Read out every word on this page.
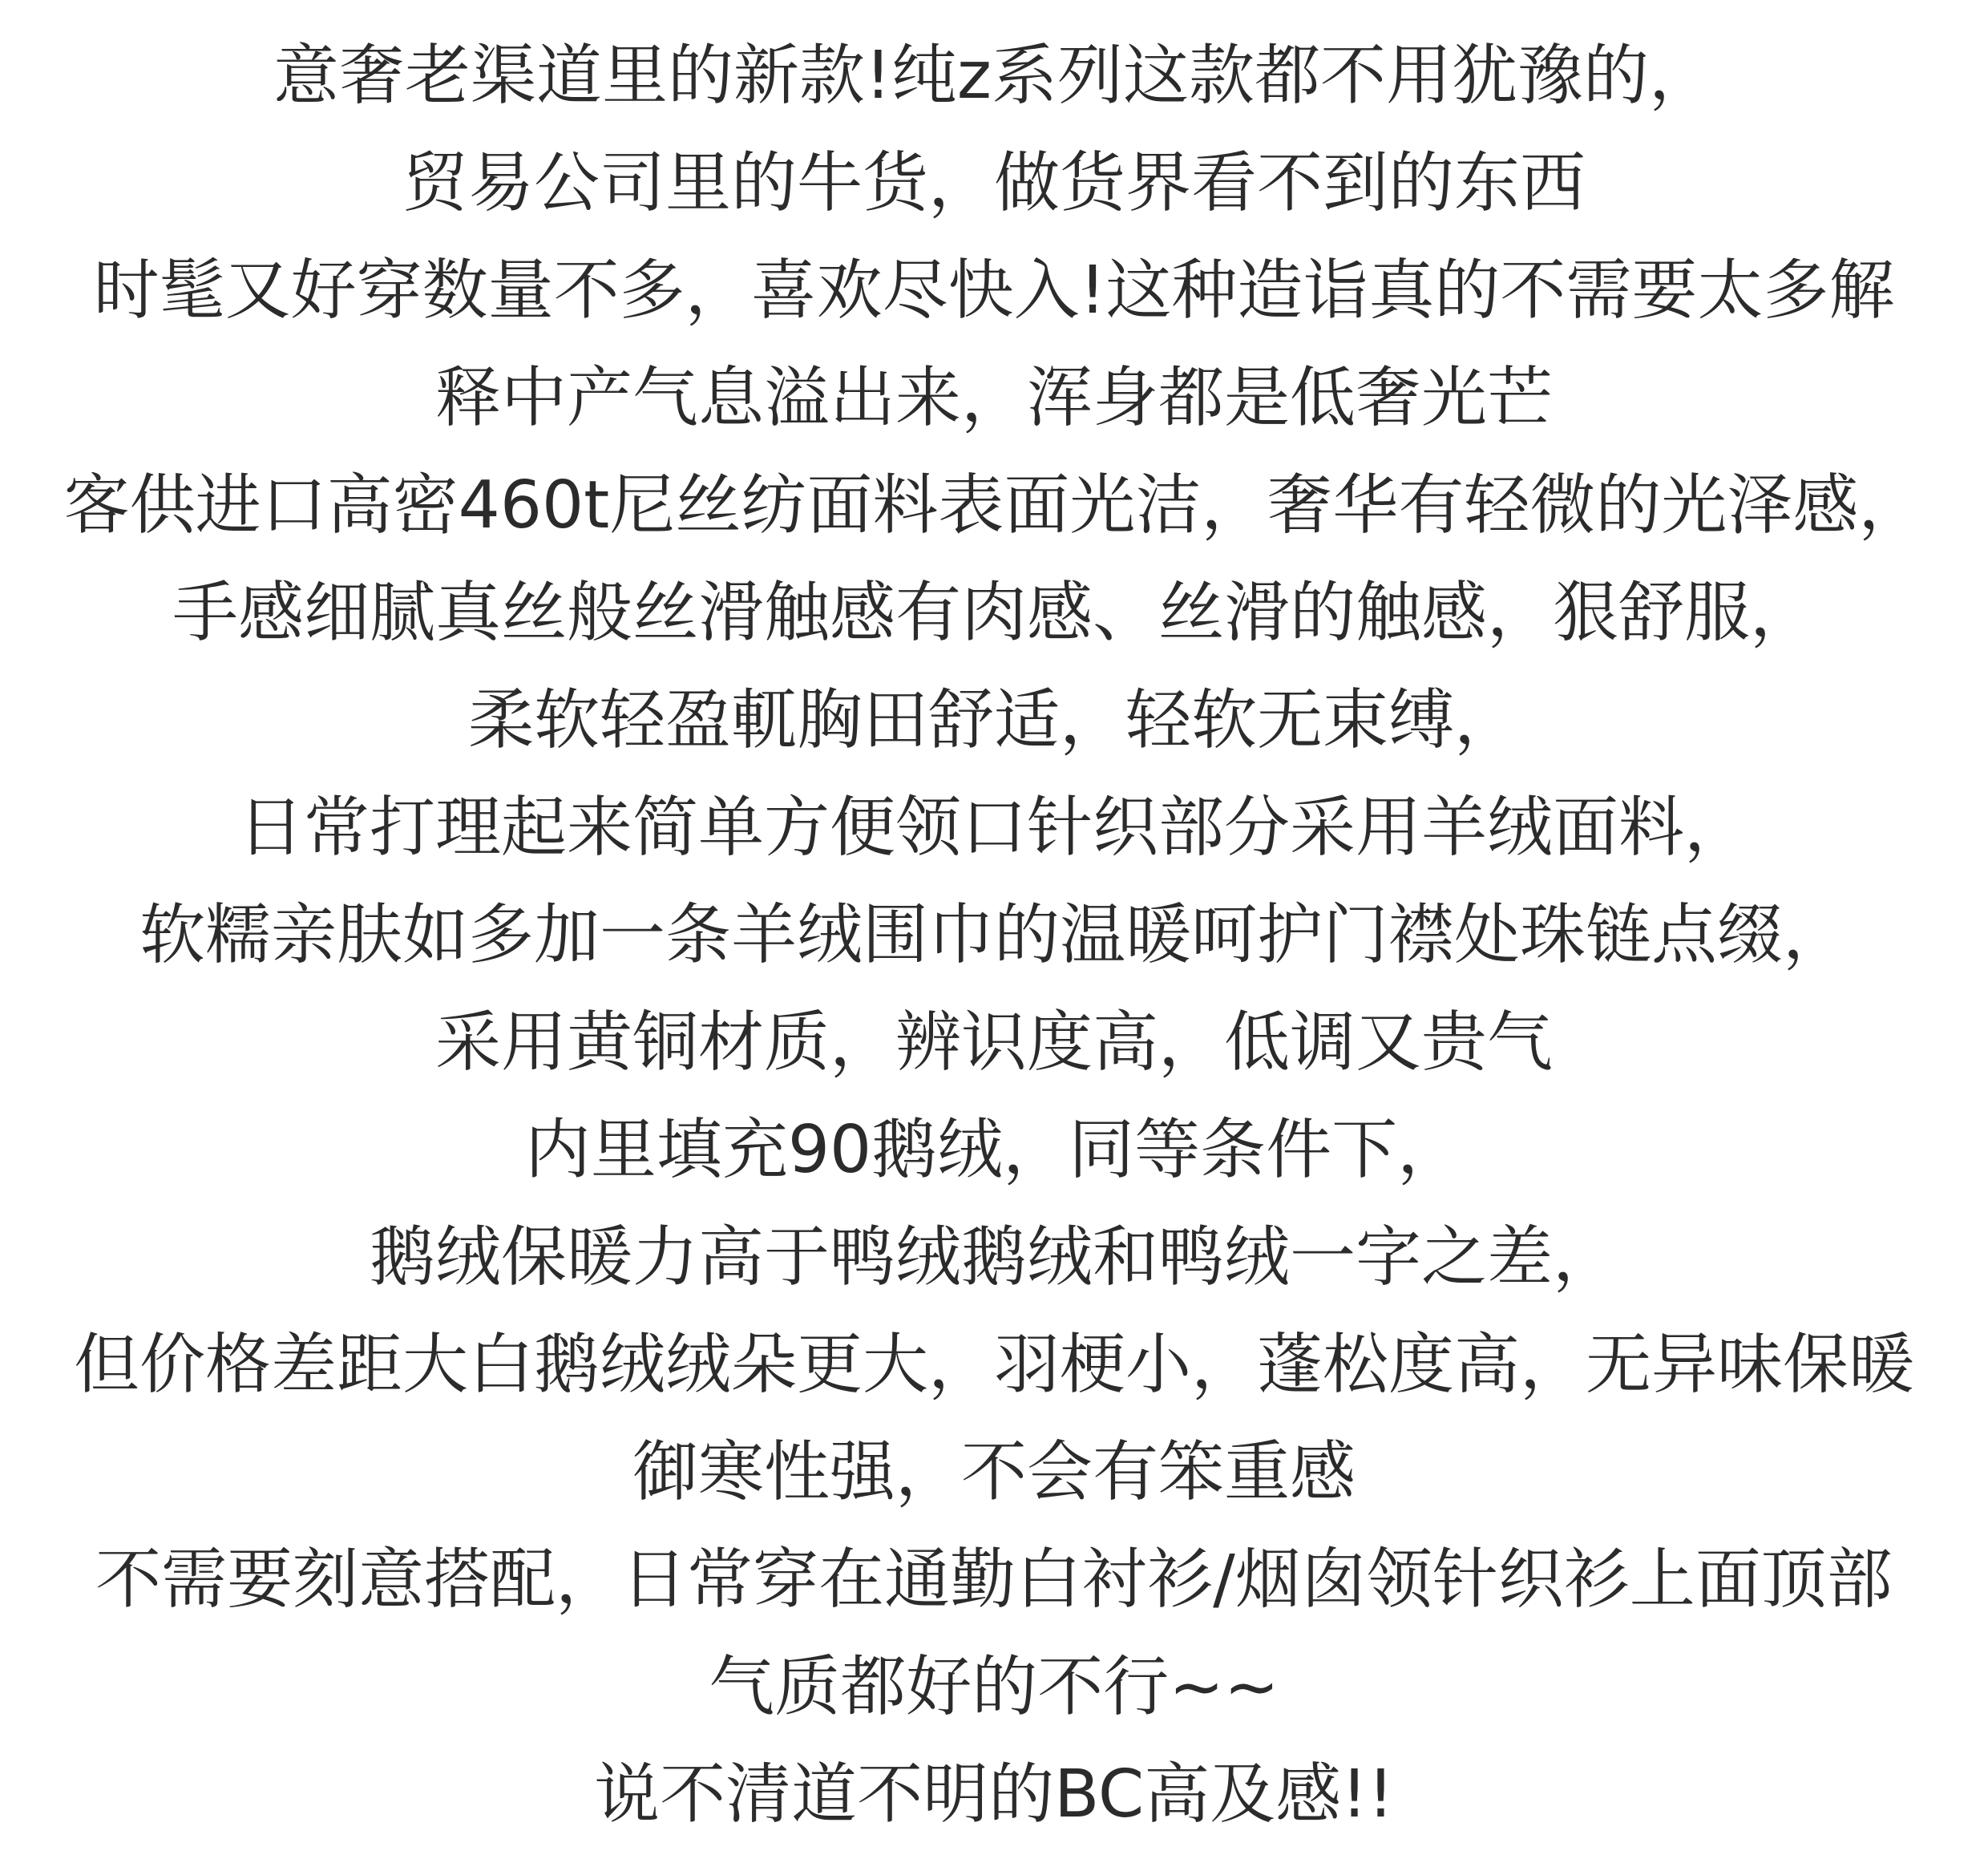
意奢老渠道里的新款!纯z系列这款都不用犹豫的，
贸易公司里的牛货，做货界看不到的东西
时髦又好穿数量不多，喜欢尽快入!这种造诣真的不需要太多解
释中产气息溢出来，浑身都是低奢光芒
客供进口高密460t尼丝纺面料表面光洁，奢华有轻微的光泽感，
手感细腻真丝般丝滑触感有肉感、丝滑的触感，狠舒服，
柔软轻盈軏胸田舒适，轻软无束缚，
日常打理起来简单方便领口针织部分采用羊绒面料，
软糯亲肤如多加一条羊绒围巾的温暖呵护门襟处珠链点缀，
采用黄铜材质，辨识度高，低调又贵气
内里填充90鹅绒，同等条件下，
鹅绒保暖力高于鸭绒鹅绒和鸭绒一字之差，
但价格差距大白鹅绒绒朵更大，羽梗小，蓬松度高，无异味保暖
御寒性强，不会有笨重感
不需要刻意搭配，日常穿在通勤白衬衫/烟囱领针织衫上面顶部
气质都好的不行~~
说不清道不明的BC高及感!!
